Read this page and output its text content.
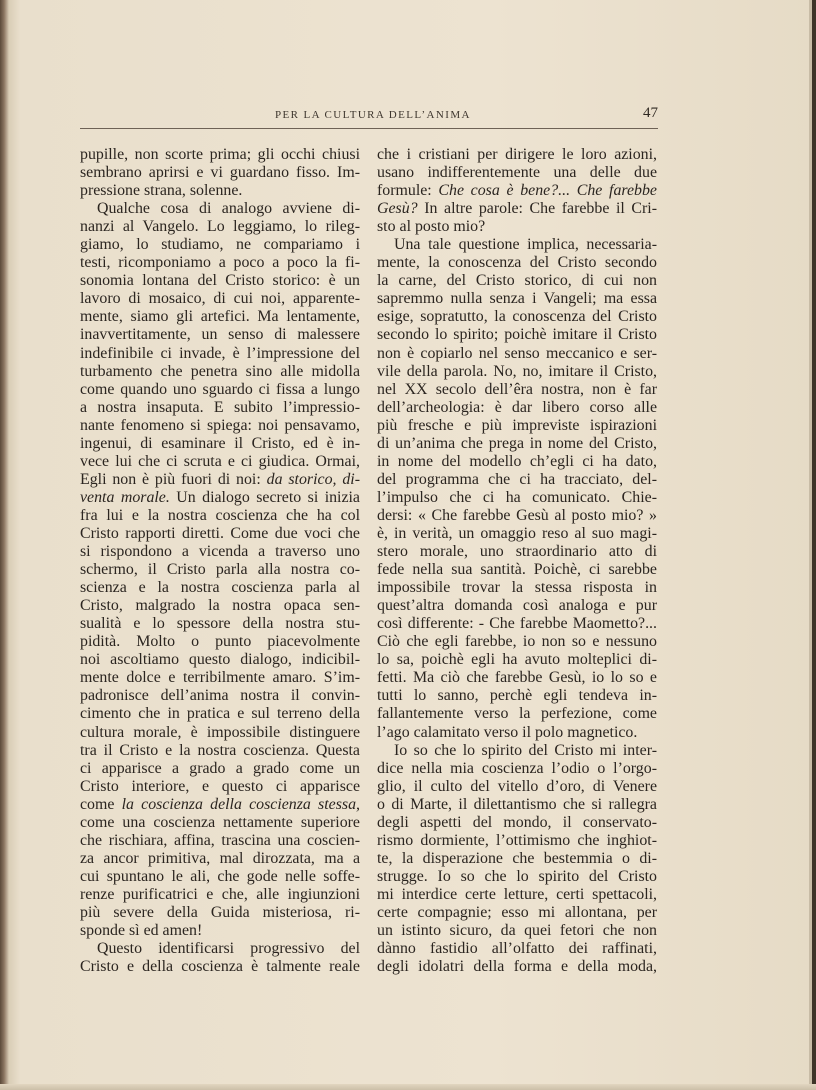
PER LA CULTURA DELL’ANIMA	47
pupille, non scorte prima; gli occhi chiusi
sembrano aprirsi e vi guardano fisso. Im-
pressione strana, solenne.
Qualche cosa di analogo avviene di-
nanzi al Vangelo. Lo leggiamo, lo rileg-
giamo, lo studiamo, ne compariamo i
testi, ricomponiamo a poco a poco la fi-
sonomia lontana del Cristo storico: è un
lavoro di mosaico, di cui noi, apparente-
mente, siamo gli artefici. Ma lentamente,
inavvertitamente, un senso di malessere
indefinibile ci invade, è l’impressione del
turbamento che penetra sino alle midolla
come quando uno sguardo ci fissa a lungo
a nostra insaputa. E subito l’impressio-
nante fenomeno si spiega: noi pensavamo,
ingenui, di esaminare il Cristo, ed è in-
vece lui che ci scruta e ci giudica. Ormai,
Egli non è più fuori di noi: da storico, di-
venta morale. Un dialogo secreto si inizia
fra lui e la nostra coscienza che ha col
Cristo rapporti diretti. Come due voci che
si rispondono a vicenda a traverso uno
schermo, il Cristo parla alla nostra co-
scienza e la nostra coscienza parla al
Cristo, malgrado la nostra opaca sen-
sualità e lo spessore della nostra stu-
pidità. Molto o punto piacevolmente
noi ascoltiamo questo dialogo, indicibil-
mente dolce e terribilmente amaro. S’im-
padronisce dell’anima nostra il convin-
cimento che in pratica e sul terreno della
cultura morale, è impossibile distinguere
tra il Cristo e la nostra coscienza. Questa
ci apparisce a grado a grado come un
Cristo interiore, e questo ci apparisce
come la coscienza della coscienza stessa,
come una coscienza nettamente superiore
che rischiara, affina, trascina una coscien-
za ancor primitiva, mal dirozzata, ma a
cui spuntano le ali, che gode nelle soffe-
renze purificatrici e che, alle ingiunzioni
più severe della Guida misteriosa, ri-
sponde sì ed amen!
Questo identificarsi progressivo del
Cristo e della coscienza è talmente reale
che i cristiani per dirigere le loro azioni,
usano indifferentemente una delle due
formule: Che cosa è bene?... Che farebbe
Gesù? In altre parole: Che farebbe il Cri-
sto al posto mio?
Una tale questione implica, necessaria-
mente, la conoscenza del Cristo secondo
la carne, del Cristo storico, di cui non
sapremmo nulla senza i Vangeli; ma essa
esige, sopratutto, la conoscenza del Cristo
secondo lo spirito; poichè imitare il Cristo
non è copiarlo nel senso meccanico e ser-
vile della parola. No, no, imitare il Cristo,
nel XX secolo dell’êra nostra, non è far
dell’archeologia: è dar libero corso alle
più fresche e più impreviste ispirazioni
di un’anima che prega in nome del Cristo,
in nome del modello ch’egli ci ha dato,
del programma che ci ha tracciato, del-
l’impulso che ci ha comunicato. Chie-
dersi: « Che farebbe Gesù al posto mio? »
è, in verità, un omaggio reso al suo magi-
stero morale, uno straordinario atto di
fede nella sua santità. Poichè, ci sarebbe
impossibile trovar la stessa risposta in
quest’altra domanda così analoga e pur
così differente: - Che farebbe Maometto?...
Ciò che egli farebbe, io non so e nessuno
lo sa, poichè egli ha avuto molteplici di-
fetti. Ma ciò che farebbe Gesù, io lo so e
tutti lo sanno, perchè egli tendeva in-
fallantemente verso la perfezione, come
l’ago calamitato verso il polo magnetico.
Io so che lo spirito del Cristo mi inter-
dice nella mia coscienza l’odio o l’orgo-
glio, il culto del vitello d’oro, di Venere
o di Marte, il dilettantismo che si rallegra
degli aspetti del mondo, il conservato-
rismo dormiente, l’ottimismo che inghiot-
te, la disperazione che bestemmia o di-
strugge. Io so che lo spirito del Cristo
mi interdice certe letture, certi spettacoli,
certe compagnie; esso mi allontana, per
un istinto sicuro, da quei fetori che non
dànno fastidio all’olfatto dei raffinati,
degli idolatri della forma e della moda,
